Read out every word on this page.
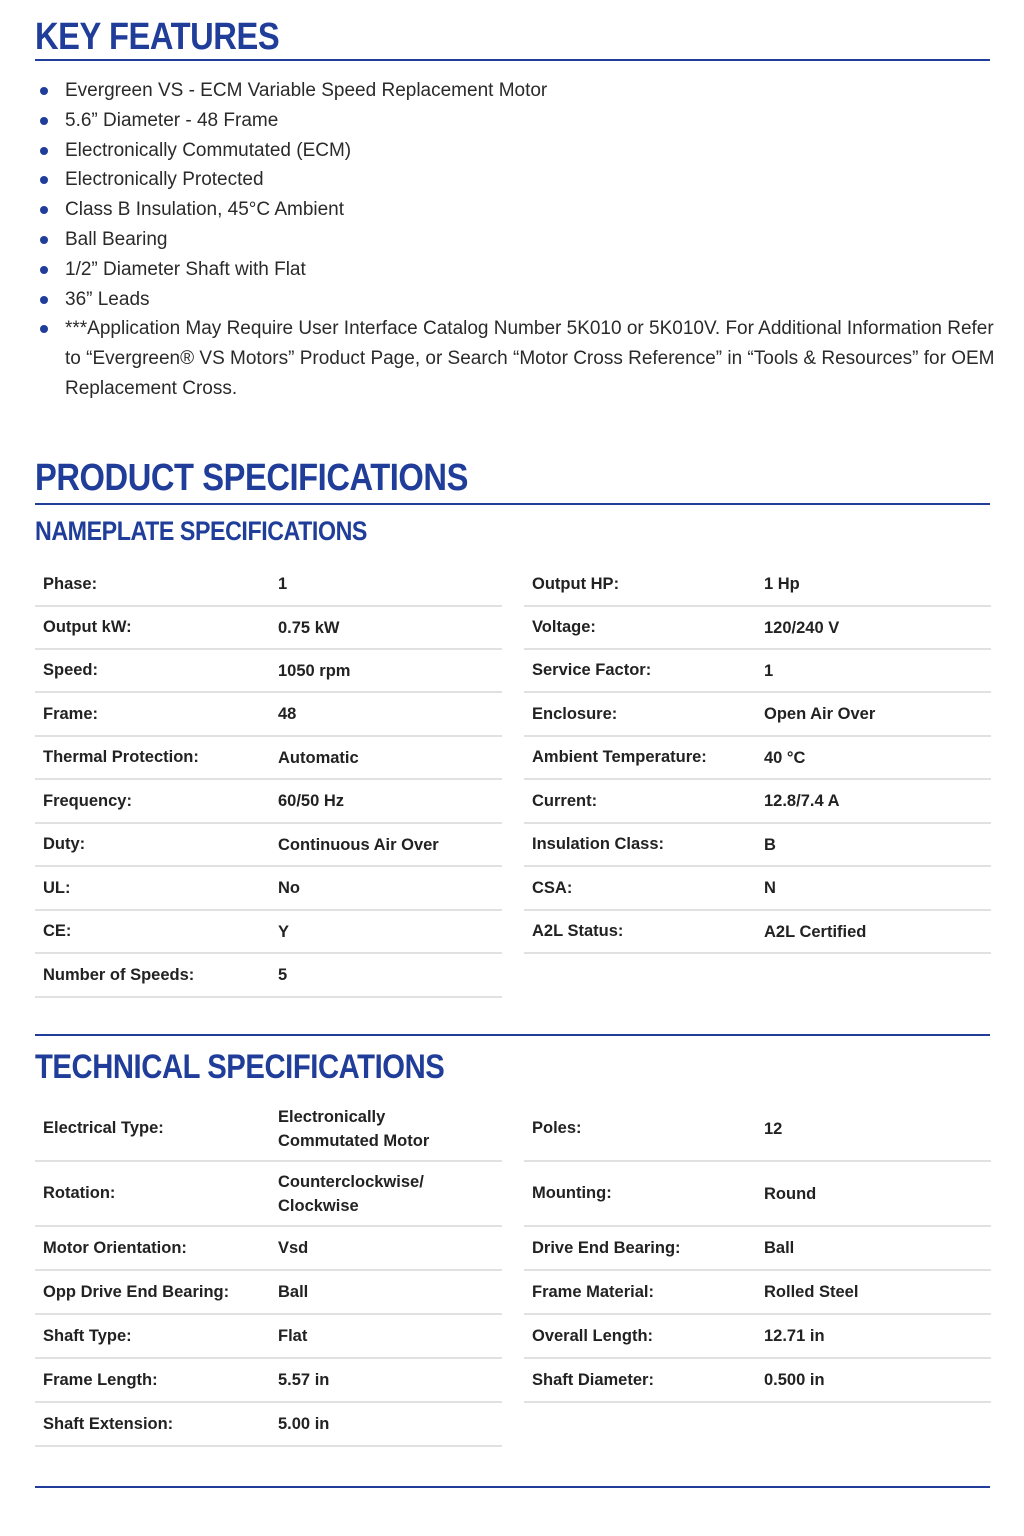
KEY FEATURES
Evergreen VS - ECM Variable Speed Replacement Motor
5.6” Diameter - 48 Frame
Electronically Commutated (ECM)
Electronically Protected
Class B Insulation, 45°C Ambient
Ball Bearing
1/2” Diameter Shaft with Flat
36” Leads
***Application May Require User Interface Catalog Number 5K010 or 5K010V. For Additional Information Refer to “Evergreen® VS Motors” Product Page, or Search “Motor Cross Reference” in “Tools & Resources” for OEM Replacement Cross.
PRODUCT SPECIFICATIONS
NAMEPLATE SPECIFICATIONS
Phase:	1
Output kW:	0.75 kW
Speed:	1050 rpm
Frame:	48
Thermal Protection:	Automatic
Frequency:	60/50 Hz
Duty:	Continuous Air Over
UL:	No
CE:	Y
Number of Speeds:	5
Output HP:	1 Hp
Voltage:	120/240 V
Service Factor:	1
Enclosure:	Open Air Over
Ambient Temperature:	40 °C
Current:	12.8/7.4 A
Insulation Class:	B
CSA:	N
A2L Status:	A2L Certified
TECHNICAL SPECIFICATIONS
Electrical Type:
Electronically Commutated Motor
Rotation:
Counterclockwise/ Clockwise
Motor Orientation:	Vsd
Opp Drive End Bearing:	Ball
Shaft Type:	Flat
Frame Length:	5.57 in
Shaft Extension:	5.00 in
Poles:	12
Mounting:	Round
Drive End Bearing:	Ball
Frame Material:	Rolled Steel
Overall Length:	12.71 in
Shaft Diameter:	0.500 in
